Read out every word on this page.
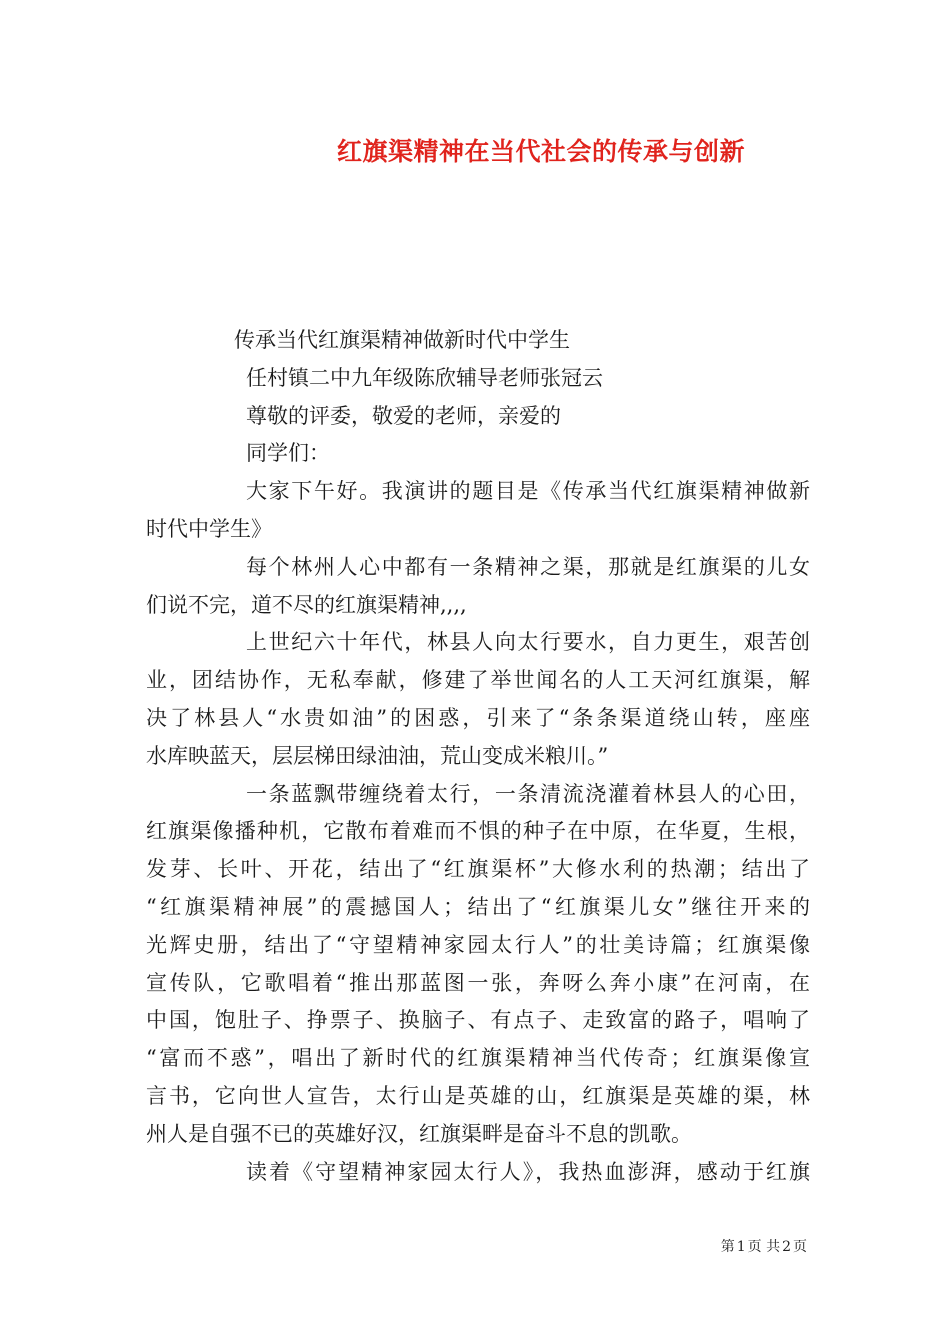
红旗渠精神在当代社会的传承与创新
传承当代红旗渠精神做新时代中学生
任村镇二中九年级陈欣辅导老师张冠云
尊敬的评委，敬爱的老师，亲爱的
同学们：
大家下午好。我演讲的题目是《传承当代红旗渠精神做新
时代中学生》
每个林州人心中都有一条精神之渠，那就是红旗渠的儿女
们说不完，道不尽的红旗渠精神,,,,
上世纪六十年代，林县人向太行要水，自力更生，艰苦创
业，团结协作，无私奉献，修建了举世闻名的人工天河红旗渠，解
决了林县人“水贵如油”的困惑，引来了“条条渠道绕山转，座座
水库映蓝天，层层梯田绿油油，荒山变成米粮川。”
一条蓝飘带缠绕着太行，一条清流浇灌着林县人的心田，
红旗渠像播种机，它散布着难而不惧的种子在中原，在华夏，生根，
发芽、长叶、开花，结出了“红旗渠杯”大修水利的热潮；结出了
“红旗渠精神展”的震撼国人；结出了“红旗渠儿女”继往开来的
光辉史册，结出了“守望精神家园太行人”的壮美诗篇；红旗渠像
宣传队，它歌唱着“推出那蓝图一张，奔呀么奔小康”在河南，在
中国，饱肚子、挣票子、换脑子、有点子、走致富的路子，唱响了
“富而不惑”，唱出了新时代的红旗渠精神当代传奇；红旗渠像宣
言书，它向世人宣告，太行山是英雄的山，红旗渠是英雄的渠，林
州人是自强不已的英雄好汉，红旗渠畔是奋斗不息的凯歌。
读着《守望精神家园太行人》，我热血澎湃，感动于红旗
第 1 页 共 2 页
